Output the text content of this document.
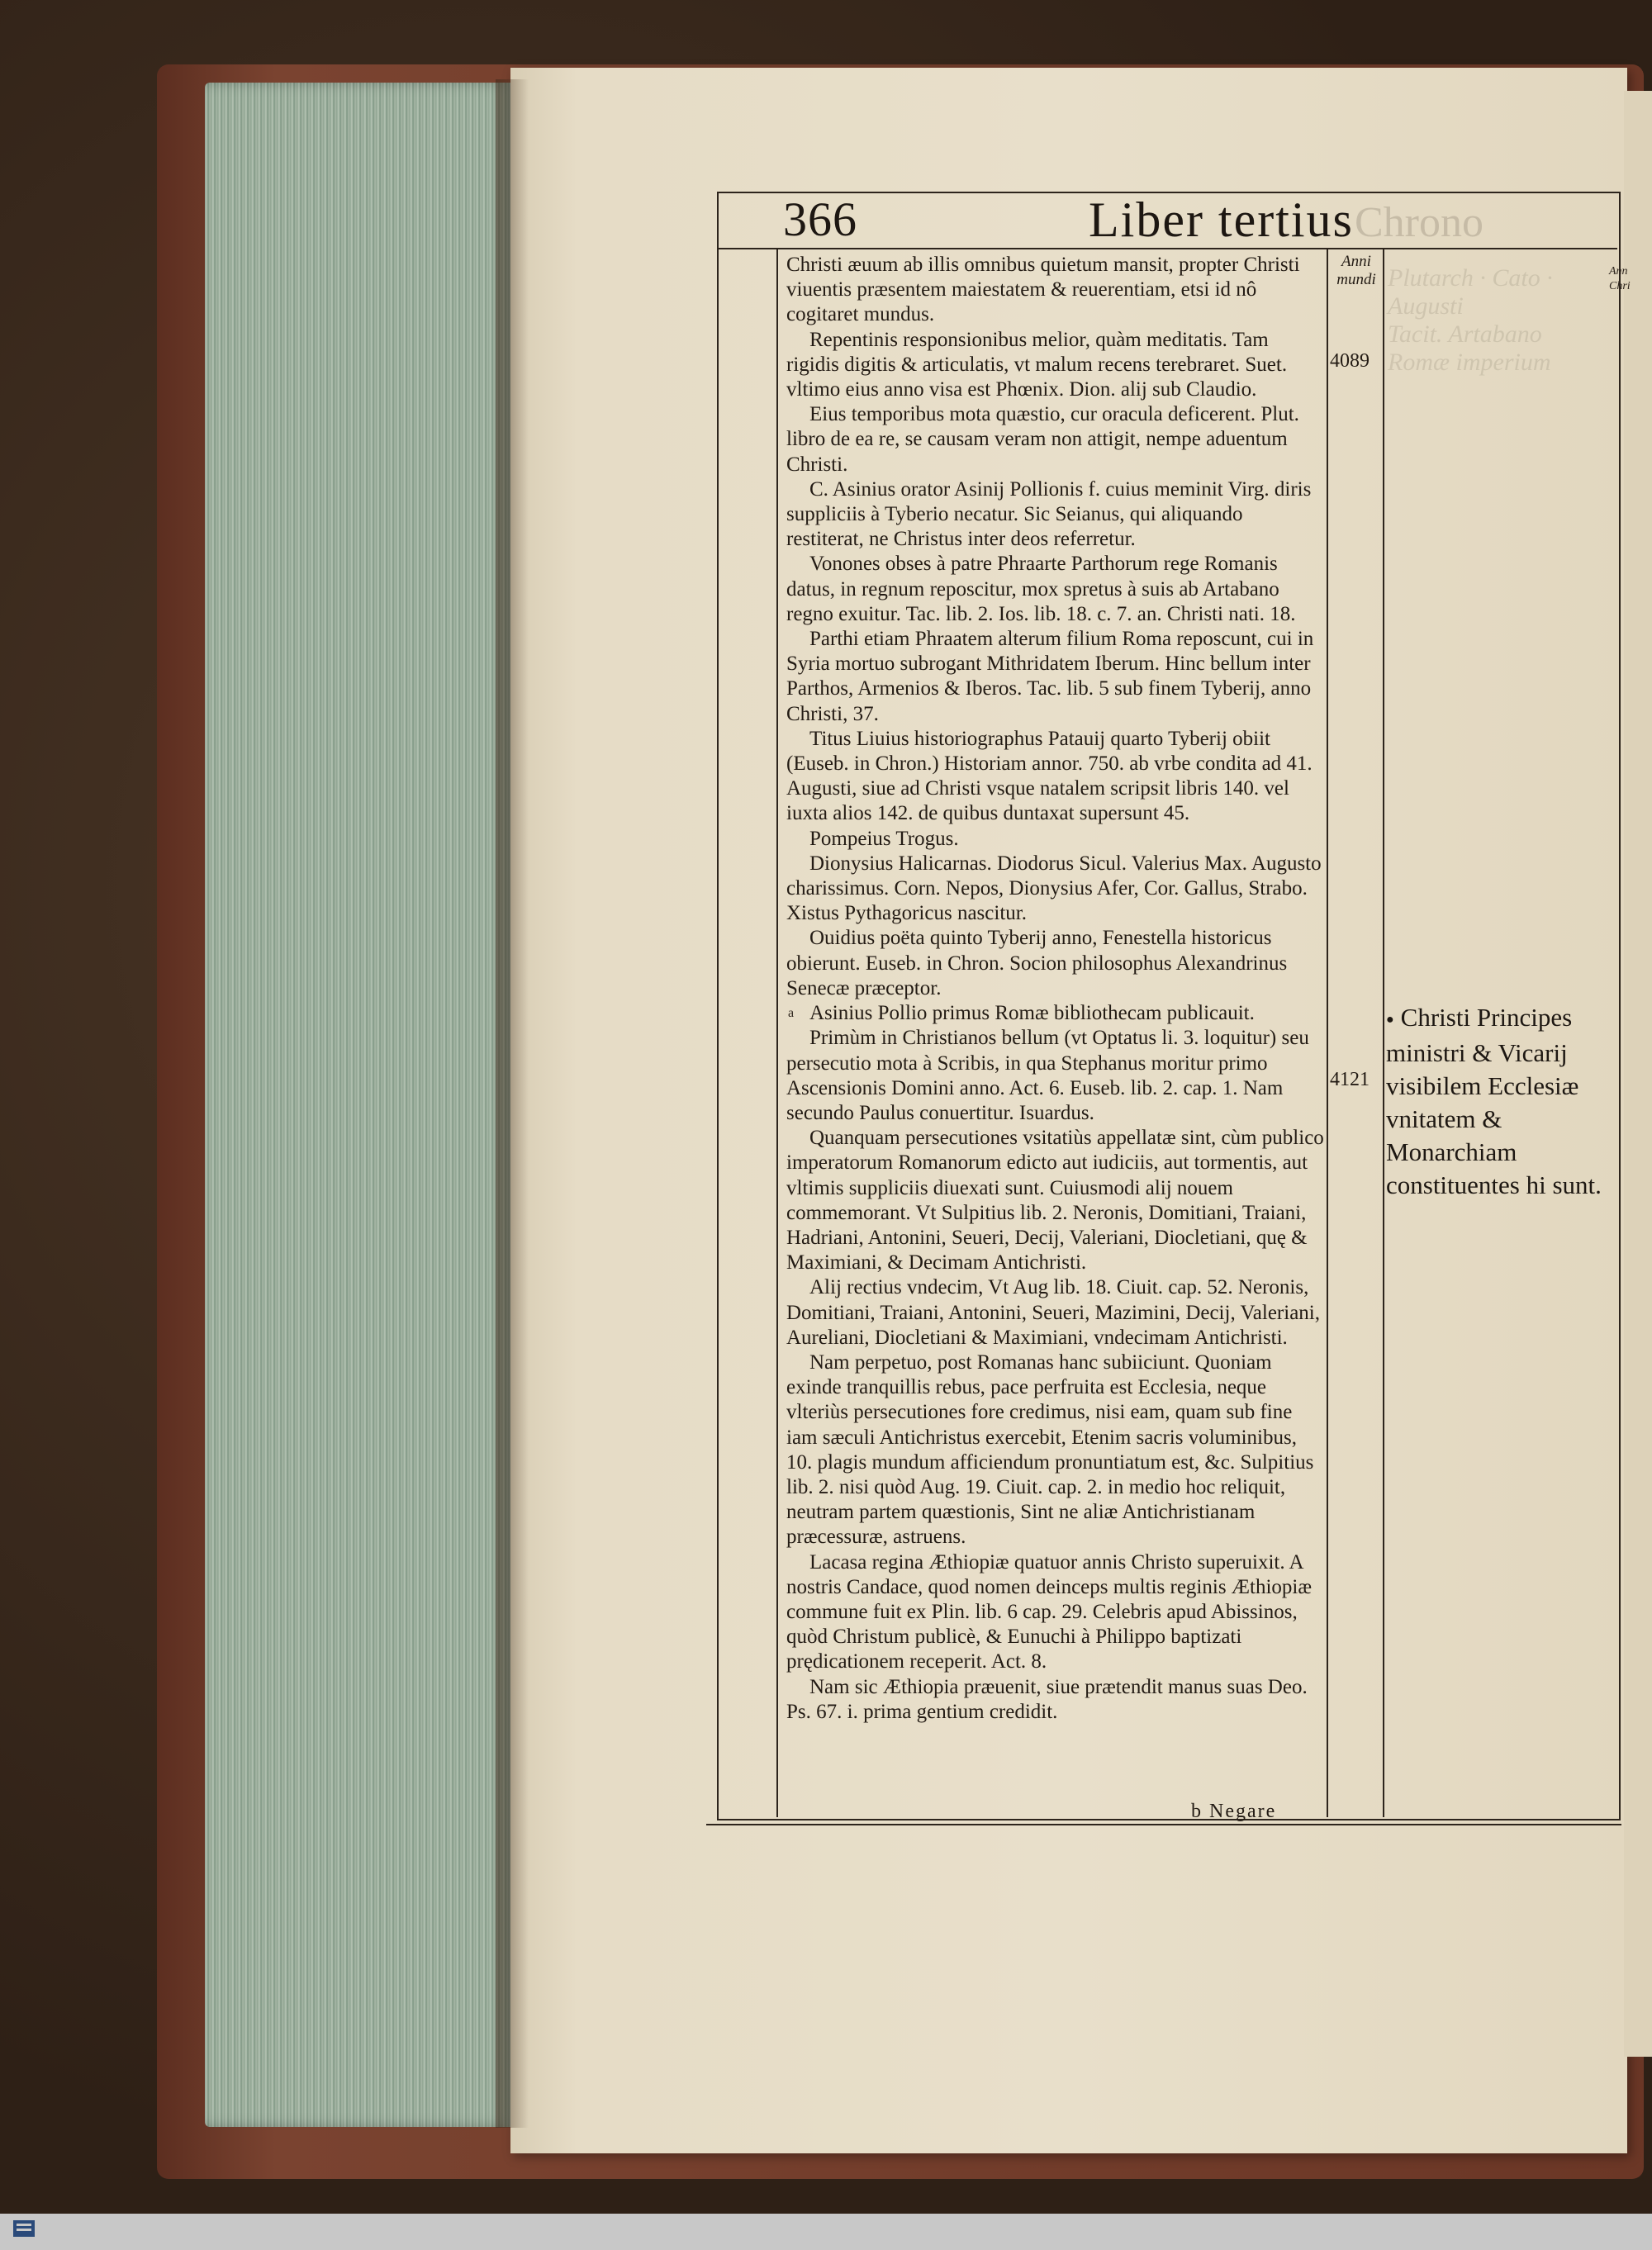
Chrono
Plutarch · Cato · Augusti
Tacit. Artabano
Romæ imperium
366	Liber tertius
Anni mundi
4089
4121
Ann
Chri

Christi æuum ab illis omnibus quietum mansit, propter Christi viuentis præsentem maiestatem & reuerentiam, etsi id nô cogitaret mundus.

Repentinis responsionibus melior, quàm meditatis. Tam rigidis digitis & articulatis, vt malum recens terebraret. Suet. vltimo eius anno visa est Phœnix. Dion. alij sub Claudio.

Eius temporibus mota quæstio, cur oracula deficerent. Plut. libro de ea re, se causam veram non attigit, nempe aduentum Christi.

C. Asinius orator Asinij Pollionis f. cuius meminit Virg. diris suppliciis à Tyberio necatur. Sic Seianus, qui aliquando restiterat, ne Christus inter deos referretur.

Vonones obses à patre Phraarte Parthorum rege Romanis datus, in regnum reposcitur, mox spretus à suis ab Artabano regno exuitur. Tac. lib. 2. Ios. lib. 18. c. 7. an. Christi nati. 18.

Parthi etiam Phraatem alterum filium Roma reposcunt, cui in Syria mortuo subrogant Mithridatem Iberum. Hinc bellum inter Parthos, Armenios & Iberos. Tac. lib. 5 sub finem Tyberij, anno Christi, 37.

Titus Liuius historiographus Patauij quarto Tyberij obiit (Euseb. in Chron.) Historiam annor. 750. ab vrbe condita ad 41. Augusti, siue ad Christi vsque natalem scripsit libris 140. vel iuxta alios 142. de quibus duntaxat supersunt 45.

Pompeius Trogus.

Dionysius Halicarnas. Diodorus Sicul. Valerius Max. Augusto charissimus. Corn. Nepos, Dionysius Afer, Cor. Gallus, Strabo. Xistus Pythagoricus nascitur.

Ouidius poëta quinto Tyberij anno, Fenestella historicus obierunt. Euseb. in Chron. Socion philosophus Alexandrinus Senecæ præceptor.

Asinius Pollio primus Romæ bibliothecam publicauit.

Primùm in Christianos bellum (vt Optatus li. 3. loquitur) seu persecutio mota à Scribis, in qua Stephanus moritur primo Ascensionis Domini anno. Act. 6. Euseb. lib. 2. cap. 1. Nam secundo Paulus conuertitur. Isuardus.

Quanquam persecutiones vsitatiùs appellatæ sint, cùm publico imperatorum Romanorum edicto aut iudiciis, aut tormentis, aut vltimis suppliciis diuexati sunt. Cuiusmodi alij nouem commemorant. Vt Sulpitius lib. 2. Neronis, Domitiani, Traiani, Hadriani, Antonini, Seueri, Decij, Valeriani, Diocletiani, quę & Maximiani, & Decimam Antichristi.

Alij rectius vndecim, Vt Aug lib. 18. Ciuit. cap. 52. Neronis, Domitiani, Traiani, Antonini, Seueri, Mazimini, Decij, Valeriani, Aureliani, Diocletiani & Maximiani, vndecimam Antichristi.

Nam perpetuo, post Romanas hanc subiiciunt. Quoniam exinde tranquillis rebus, pace perfruita est Ecclesia, neque vlteriùs persecutiones fore credimus, nisi eam, quam sub fine iam sæculi Antichristus exercebit, Etenim sacris voluminibus, 10. plagis mundum afficiendum pronuntiatum est, &c. Sulpitius lib. 2. nisi quòd Aug. 19. Ciuit. cap. 2. in medio hoc reliquit, neutram partem quæstionis, Sint ne aliæ Antichristianam præcessuræ, astruens.

Lacasa regina Æthiopiæ quatuor annis Christo superuixit. A nostris Candace, quod nomen deinceps multis reginis Æthiopiæ commune fuit ex Plin. lib. 6 cap. 29. Celebris apud Abissinos, quòd Christum publicè, & Eunuchi à Philippo baptizati prędicationem receperit. Act. 8.

Nam sic Æthiopia præuenit, siue prætendit manus suas Deo. Ps. 67. i. prima gentium credidit.

a	● Christi Principes ministri & Vicarij visibilem Ecclesiæ vnitatem & Monarchiam constituentes hi sunt.
b Negare
